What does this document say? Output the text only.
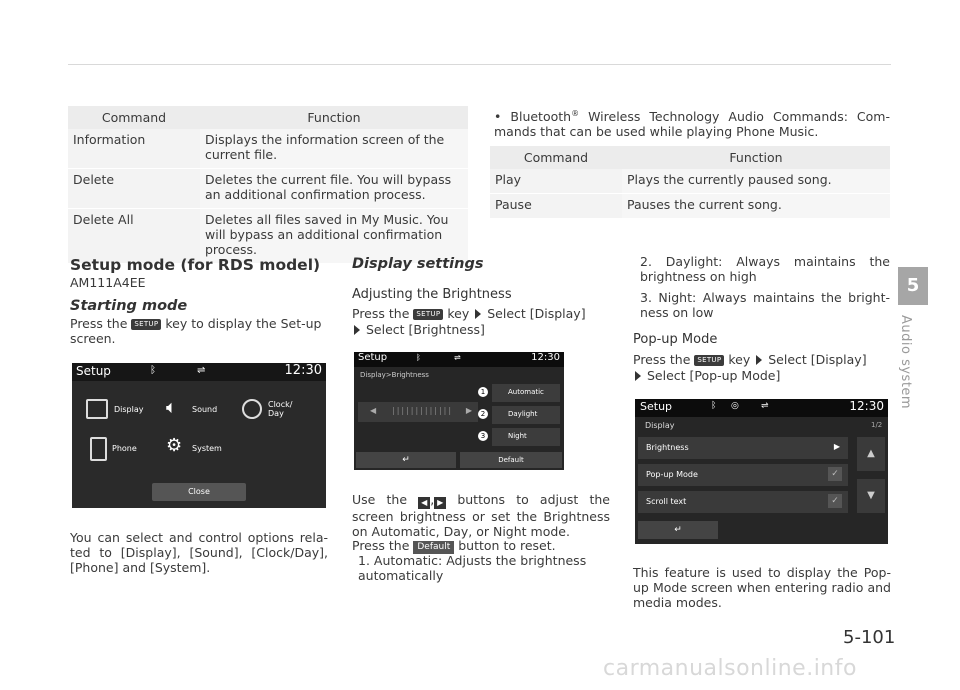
Command	Function
Information	Displays the information screen of the current file.
Delete	Deletes the current file. You will bypass an additional confirmation process.
Delete All	Deletes all files saved in My Music. You will bypass an additional confirmation process.
Setup mode (for RDS model)
AM111A4EE
Starting mode
Press the SETUP key to display the Set-up screen.
Setup	ᛒ	⇌	12:30
Display 🔈︎ Sound
Clock/ Day
Phone ⚙ System
Close
You can select and control options rela-ted to [Display], [Sound], [Clock/Day], [Phone] and [System].
Display settings
Adjusting the Brightness
Press the SETUP key Select [Display]
Select [Brightness]
Setup	ᛒ	⇌	12:30
Display>Brightness
◀ ||||||||||||| ▶
1	Automatic
2	Daylight
3	Night
↵	Default
Use the ◀ , ▶ buttons to adjust the screen brightness or set the Brightness on Automatic, Day, or Night mode.
Press the Default button to reset.
1. Automatic: Adjusts the brightness automatically
• Bluetooth® Wireless Technology Audio Commands: Com-mands that can be used while playing Phone Music.
Command	Function
Play	Plays the currently paused song.
Pause	Pauses the current song.
2. Daylight: Always maintains the brightness on high
3. Night: Always maintains the bright-ness on low
Pop-up Mode
Press the SETUP key Select [Display]
Select [Pop-up Mode]
Setup	ᛒ ◎ ⇌	12:30
Display	1/2
Brightness	▶
Pop-up Mode	✓
Scroll text	✓
▲
▼
↵
This feature is used to display the Pop-up Mode screen when entering radio and media modes.
5
Audio system
5-101
carmanualsonline.info
